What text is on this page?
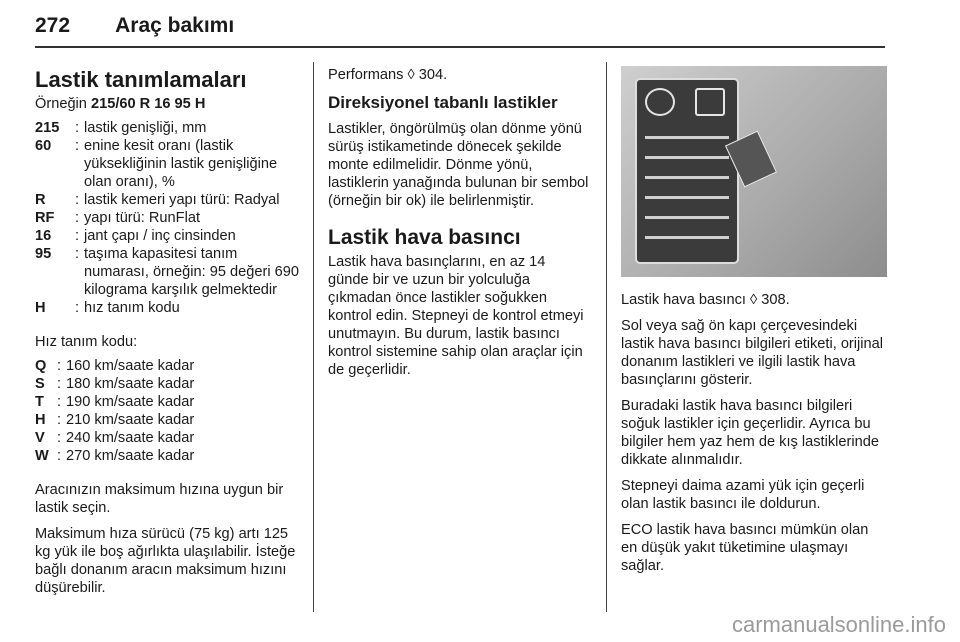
272 Araç bakımı
Lastik tanımlamaları

Örneğin 215/60 R 16 95 H

215	: lastik genişliği, mm
60	: enine kesit oranı (lastik yüksekliğinin lastik genişliğine olan oranı), %
R	: lastik kemeri yapı türü: Radyal
RF	: yapı türü: RunFlat
16	: jant çapı / inç cinsinden
95	: taşıma kapasitesi tanım numarası, örneğin: 95 değeri 690 kilograma karşılık gelmektedir
H	: hız tanım kodu

Hız tanım kodu:

Q : 160 km/saate kadar
S : 180 km/saate kadar
T : 190 km/saate kadar
H : 210 km/saate kadar
V : 240 km/saate kadar
W : 270 km/saate kadar

Aracınızın maksimum hızına uygun bir lastik seçin.

Maksimum hıza sürücü (75 kg) artı 125 kg yük ile boş ağırlıkta ulaşılabilir. İsteğe bağlı donanım aracın maksimum hızını düşürebilir.

Performans ◊ 304.

Direksiyonel tabanlı lastikler

Lastikler, öngörülmüş olan dönme yönü sürüş istikametinde dönecek şekilde monte edilmelidir. Dönme yönü, lastiklerin yanağında bulunan bir sembol (örneğin bir ok) ile belirlenmiştir.

Lastik hava basıncı

Lastik hava basınçlarını, en az 14 günde bir ve uzun bir yolculuğa çıkmadan önce lastikler soğukken kontrol edin. Stepneyi de kontrol etmeyi unutmayın. Bu durum, lastik basıncı kontrol sistemine sahip olan araçlar için de geçerlidir.

Lastik hava basıncı ◊ 308.

Sol veya sağ ön kapı çerçevesindeki lastik hava basıncı bilgileri etiketi, orijinal donanım lastikleri ve ilgili lastik hava basınçlarını gösterir.

Buradaki lastik hava basıncı bilgileri soğuk lastikler için geçerlidir. Ayrıca bu bilgiler hem yaz hem de kış lastiklerinde dikkate alınmalıdır.

Stepneyi daima azami yük için geçerli olan lastik basıncı ile doldurun.

ECO lastik hava basıncı mümkün olan en düşük yakıt tüketimine ulaşmayı sağlar.

carmanualsonline.info
